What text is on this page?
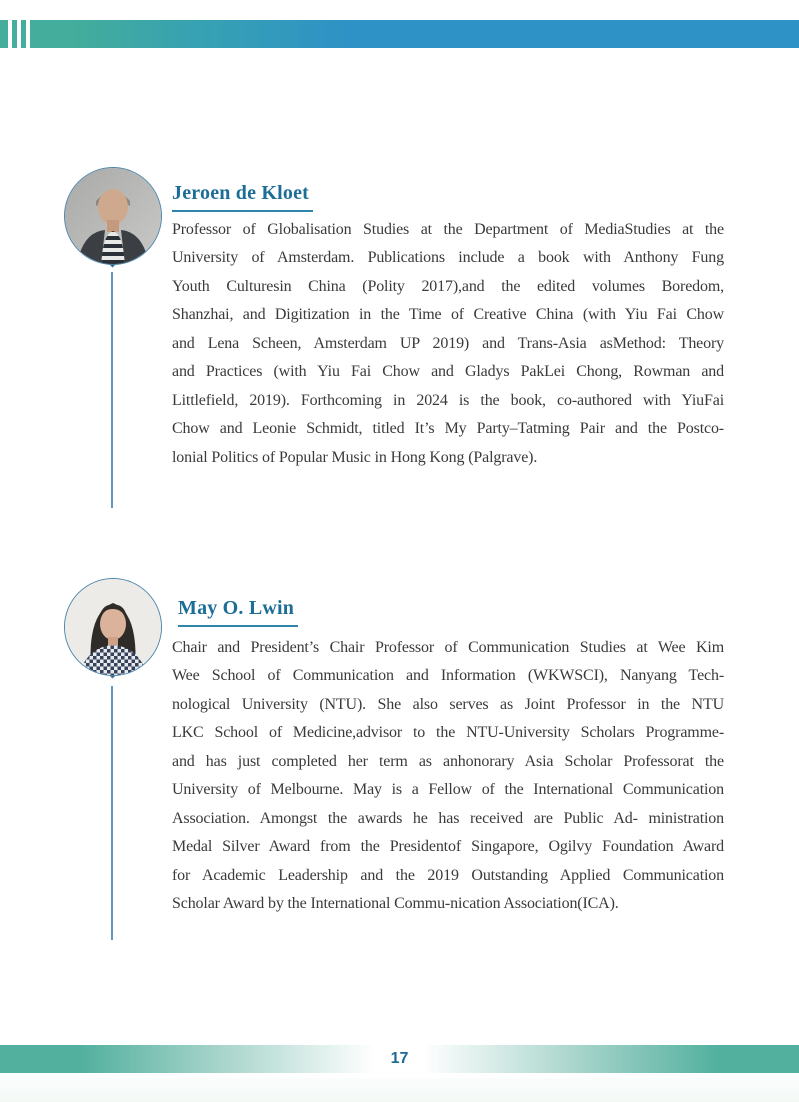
Jeroen de Kloet
Professor of Globalisation Studies at the Department of MediaStudies at the
University of Amsterdam. Publications include a book with Anthony Fung
Youth Culturesin China (Polity 2017),and the edited volumes Boredom,
Shanzhai, and Digitization in the Time of Creative China (with Yiu Fai Chow
and Lena Scheen, Amsterdam UP 2019) and Trans-Asia asMethod: Theory
and Practices (with Yiu Fai Chow and Gladys PakLei Chong, Rowman and
Littlefield, 2019). Forthcoming in 2024 is the book, co-authored with YiuFai
Chow and Leonie Schmidt, titled It’s My Party–Tatming Pair and the Postco-
lonial Politics of Popular Music in Hong Kong (Palgrave).
May O. Lwin
Chair and President’s Chair Professor of Communication Studies at Wee Kim
Wee School of Communication and Information (WKWSCI), Nanyang Tech-
nological University (NTU). She also serves as Joint Professor in the NTU
LKC School of Medicine,advisor to the NTU-University Scholars Programme-
and has just completed her term as anhonorary Asia Scholar Professorat the
University of Melbourne. May is a Fellow of the International Communication
Association. Amongst the awards he has received are Public Ad- ministration
Medal Silver Award from the Presidentof Singapore, Ogilvy Foundation Award
for Academic Leadership and the 2019 Outstanding Applied Communication
Scholar Award by the International Commu-nication Association(ICA).
17
